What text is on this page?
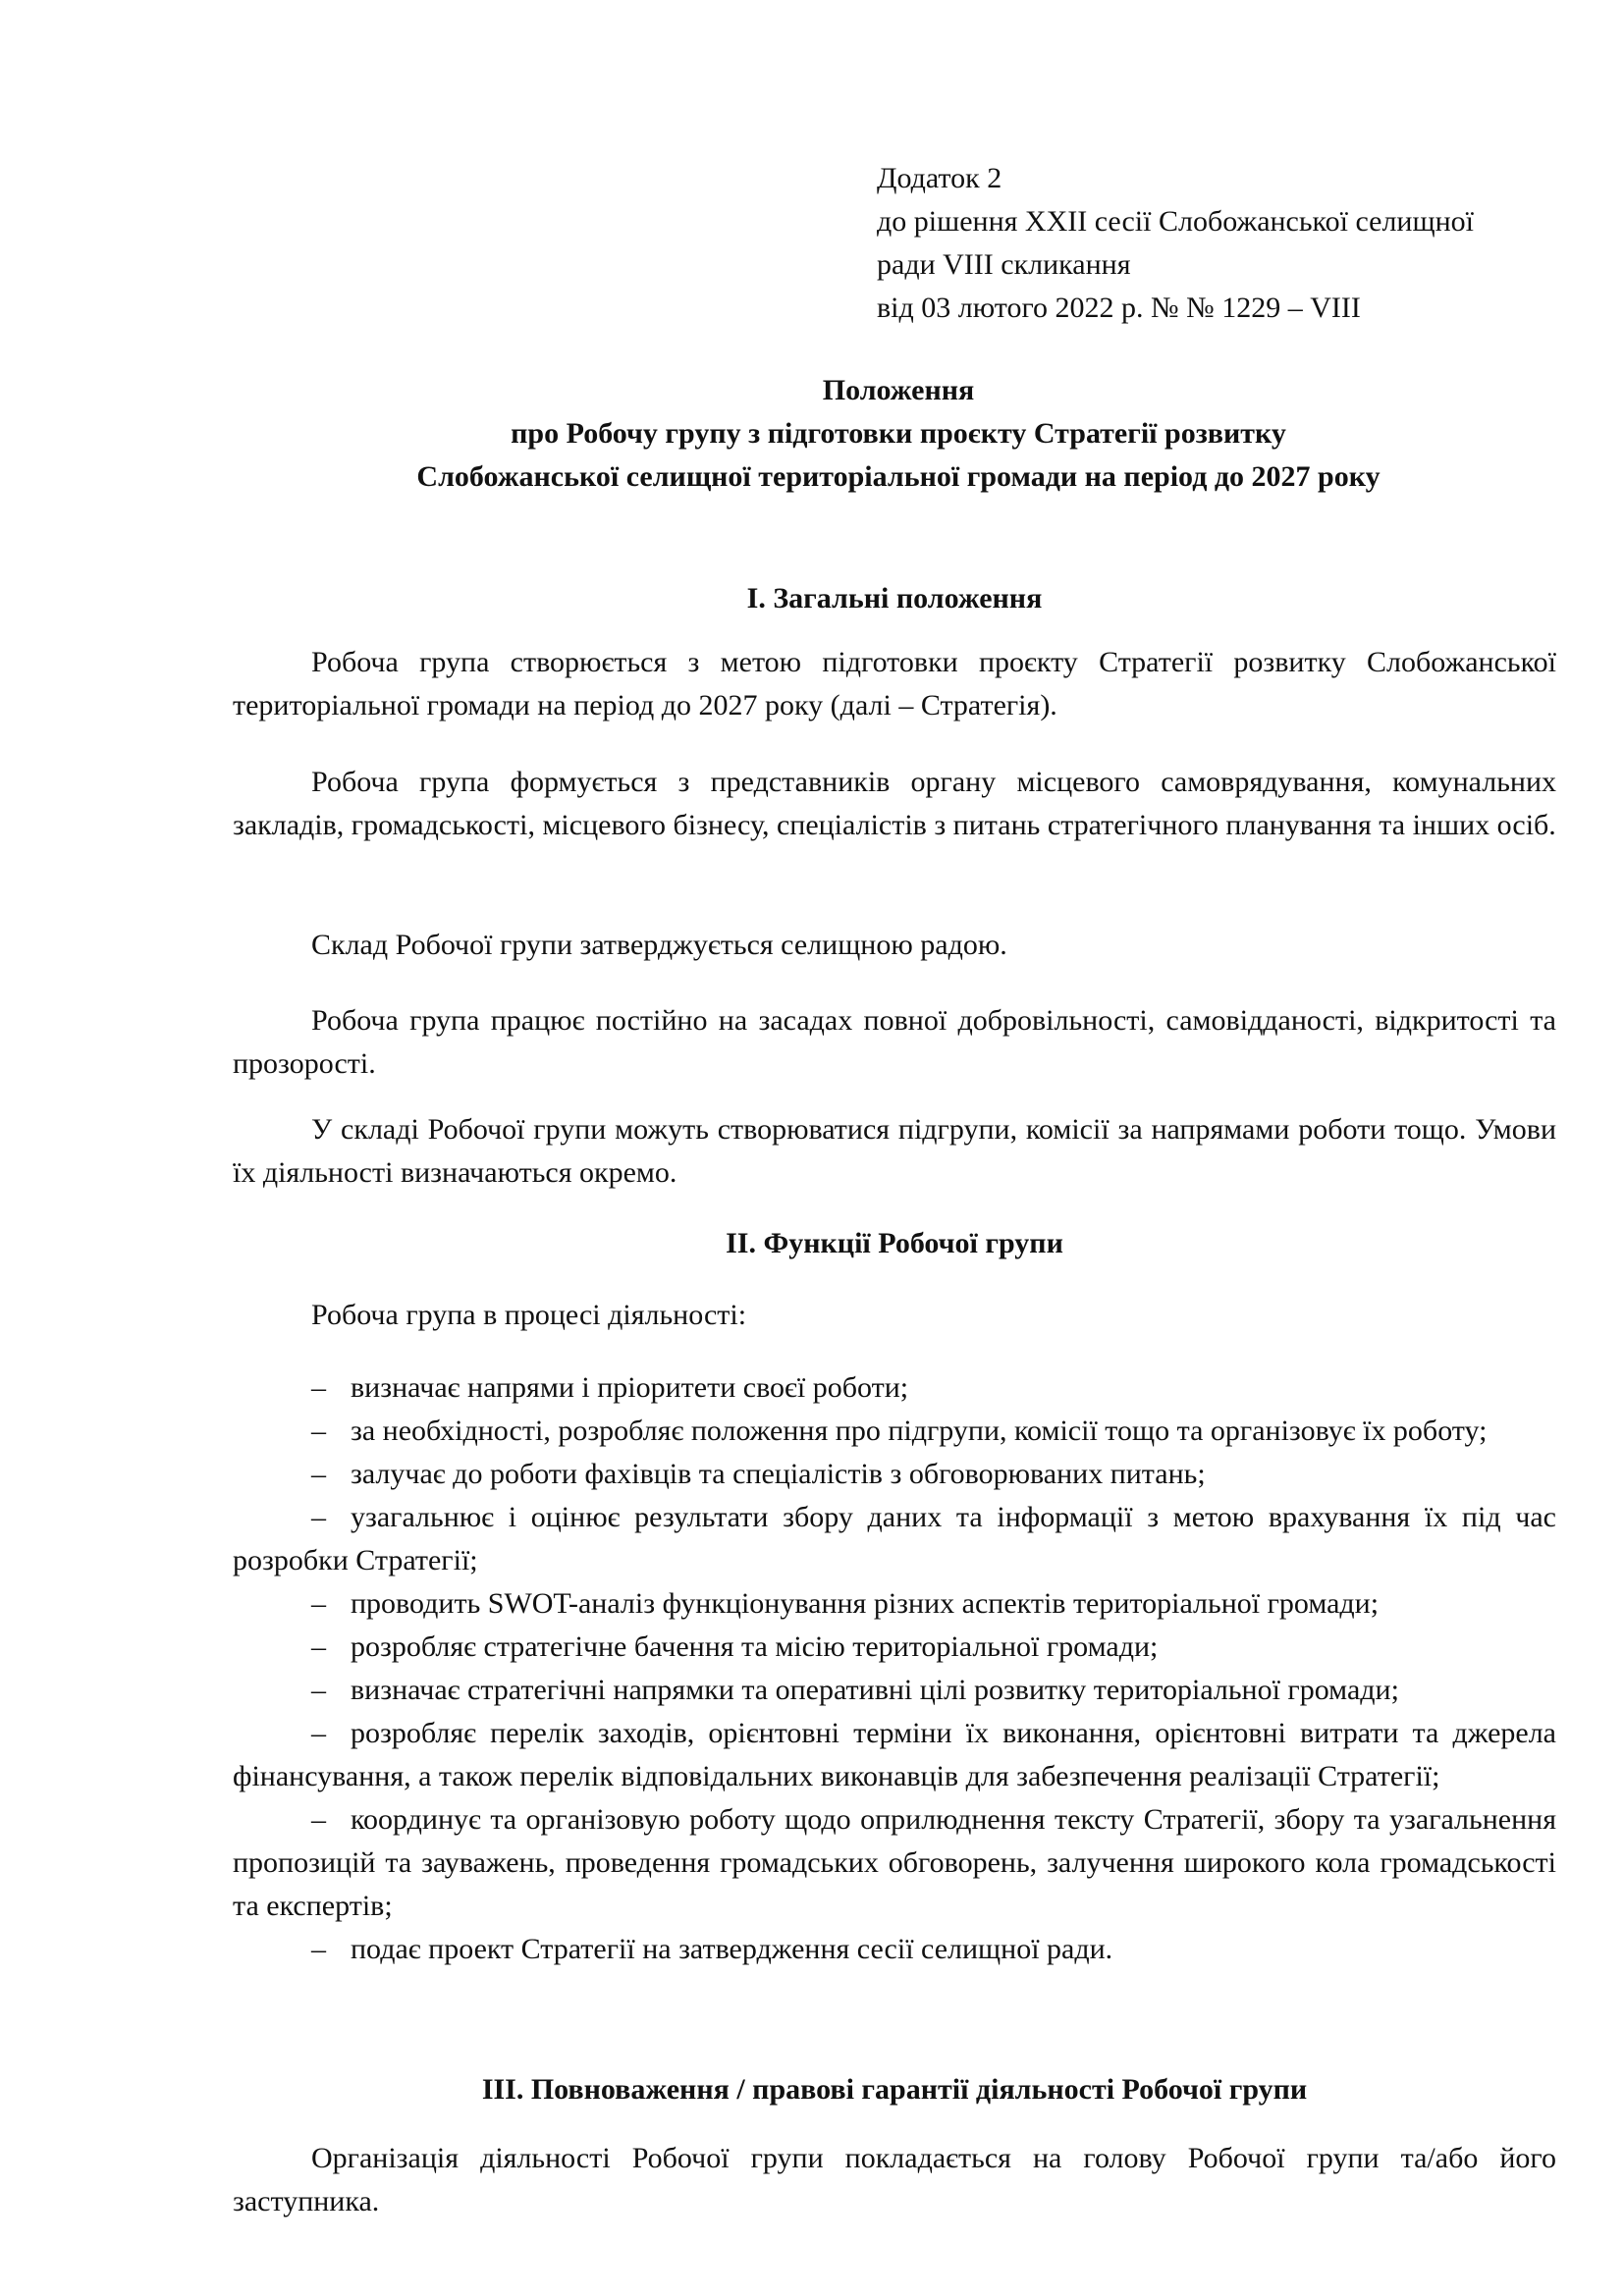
Додаток 2
до рішення XXII сесії Слобожанської селищної
ради VIII скликання
від 03 лютого 2022 р. № № 1229 – VIII
Положення
про Робочу групу з підготовки проєкту Стратегії розвитку
Слобожанської селищної територіальної громади на період до 2027 року
I. Загальні положення
Робоча група створюється з метою підготовки проєкту Стратегії розвитку Слобожанської територіальної громади на період до 2027 року (далі – Стратегія).
Робоча група формується з представників органу місцевого самоврядування, комунальних закладів, громадськості, місцевого бізнесу, спеціалістів з питань стратегічного планування та інших осіб.
Склад Робочої групи затверджується селищною радою.
Робоча група працює постійно на засадах повної добровільності, самовідданості, відкритості та прозорості.
У складі Робочої групи можуть створюватися підгрупи, комісії за напрямами роботи тощо. Умови їх діяльності визначаються окремо.
II. Функції Робочої групи
Робоча група в процесі діяльності:
– визначає напрями і пріоритети своєї роботи;
– за необхідності, розробляє положення про підгрупи, комісії тощо та організовує їх роботу;
– залучає до роботи фахівців та спеціалістів з обговорюваних питань;
– узагальнює і оцінює результати збору даних та інформації з метою врахування їх під час розробки Стратегії;
– проводить SWOT-аналіз функціонування різних аспектів територіальної громади;
– розробляє стратегічне бачення та місію територіальної громади;
– визначає стратегічні напрямки та оперативні цілі розвитку територіальної громади;
– розробляє перелік заходів, орієнтовні терміни їх виконання, орієнтовні витрати та джерела фінансування, а також перелік відповідальних виконавців для забезпечення реалізації Стратегії;
– координує та організовую роботу щодо оприлюднення тексту Стратегії, збору та узагальнення пропозицій та зауважень, проведення громадських обговорень, залучення широкого кола громадськості та експертів;
– подає проект Стратегії на затвердження сесії селищної ради.
III. Повноваження / правові гарантії діяльності Робочої групи
Організація діяльності Робочої групи покладається на голову Робочої групи та/або його заступника.
